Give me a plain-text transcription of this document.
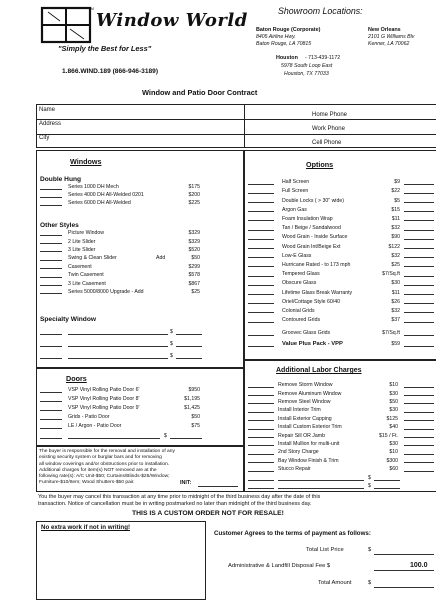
TM
Window World
"Simply the Best for Less"
1.866.WIND.189 (866-946-3189)
Showroom Locations:
Baton Rouge (Corporate)
8405 Airline Hwy.
Baton Rouge, LA 70815
New Orleans
2101 G Williams Blv
Kenner, LA 70062
Houston - 713-439-1172
5978 South Loop East
Houston, TX 77033
Window and Patio Door Contract
Name
Address
City
Home Phone
Work Phone
Cell Phone
Windows
Double Hung
Series 1000 DH Mech	$175
Series 4000 DH All-Welded 0201	$200
Series 6000 DH All-Welded	$225
Other Styles
Picture Window	$329
2 Lite Slider	$329
3 Lite Slider	$520
Swing & Clean Slider	Add	$50
Casement	$299
Twin Casement	$578
3 Lite Casement	$867
Series 5000/8000 Upgrade - Add	$25
Specialty Window
$
$
$
Doors
VSP Vinyl Rolling Patio Door 6'	$950
VSP Vinyl Rolling Patio Door 8'	$1,195
VSP Vinyl Rolling Patio Door 9'	$1,425
Grids - Patio Door	$50
LE / Argon - Patio Door	$75
$
The buyer is responsible for the removal and installation of any
existing security system or burglar bars and for removing
all window coverings and/or obstructions prior to installation.
Additional charges for item(s) NOT removed are at the
following rate(s): A/C Unit-$50; Curtains/Blinds-$25/Window;
Furniture-$10/Item; Wood Shutters-$50 pair.	INIT:
Options
Half Screen	$9
Full Screen	$22
Double Locks ( > 30" wide)	$5
Argon Gas	$15
Foam Insulation Wrap	$11
Tan / Beige / Sandalwood	$32
Wood Grain - Inside Surface	$90
Wood Grain Int/Beige Ext	$122
Low-E Glass	$32
Hurricane Rated - to 173 mph	$25
Tempered Glass	$7/Sq.ft
Obscure Glass	$30
Lifetime Glass Break Warranty	$11
Oriel/Cottage Style 60/40	$26
Colonial Grids	$32
Contoured Grids	$37
Groovec Glass Grids	$7/Sq.ft
Value Plus Pack - VPP	$59
Additional Labor Charges
Remove Storm Window	$10
Remove Aluminum Window	$30
Remove Steel Window	$50
Install Interior Trim	$30
Install Exterior Capping	$125
Install Custom Exterior Trim	$40
Repair Sill OR Jamb	$15 / Ft.
Install Mullion for multi-unit	$30
2nd Story Charge	$10
Bay Window Finish & Trim	$300
Stucco Repair	$60
$
$
You the buyer may cancel this transaction at any time prior to midnight of the third business day after the date of this
transaction. Notice of cancellation must be in writing postmarked no later than midnight of the third business day.
THIS IS A CUSTOM ORDER NOT FOR RESALE!
No extra work if not in writing!
Customer Agrees to the terms of payment as follows:
Total List Price	$
Administrative & Landfill Disposal Fee $	100.0
Total Amount	$
